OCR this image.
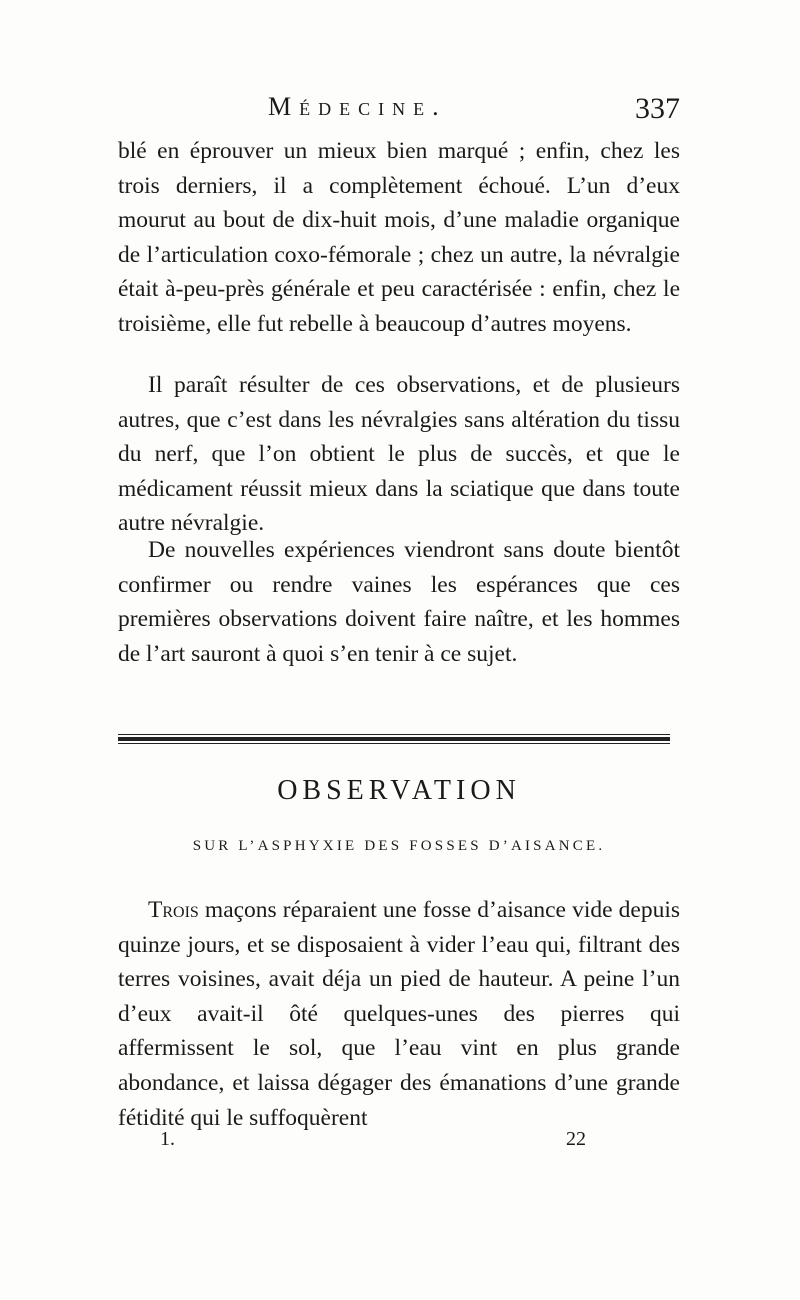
Médecine.	337

blé en éprouver un mieux bien marqué ; enfin, chez les trois derniers, il a complètement échoué. L’un d’eux mourut au bout de dix-huit mois, d’une maladie organique de l’articulation coxo-fémorale ; chez un autre, la névralgie était à-peu-près générale et peu caractérisée : enfin, chez le troisième, elle fut rebelle à beaucoup d’autres moyens.

Il paraît résulter de ces observations, et de plusieurs autres, que c’est dans les névralgies sans altération du tissu du nerf, que l’on obtient le plus de succès, et que le médicament réussit mieux dans la sciatique que dans toute autre névralgie.

De nouvelles expériences viendront sans doute bientôt confirmer ou rendre vaines les espérances que ces premières observations doivent faire naître, et les hommes de l’art sauront à quoi s’en tenir à ce sujet.

OBSERVATION
SUR L’ASPHYXIE DES FOSSES D’AISANCE.

Trois maçons réparaient une fosse d’aisance vide depuis quinze jours, et se disposaient à vider l’eau qui, filtrant des terres voisines, avait déja un pied de hauteur. A peine l’un d’eux avait-il ôté quelques-unes des pierres qui affermissent le sol, que l’eau vint en plus grande abondance, et laissa dégager des émanations d’une grande fétidité qui le suffoquèrent

1.	22
